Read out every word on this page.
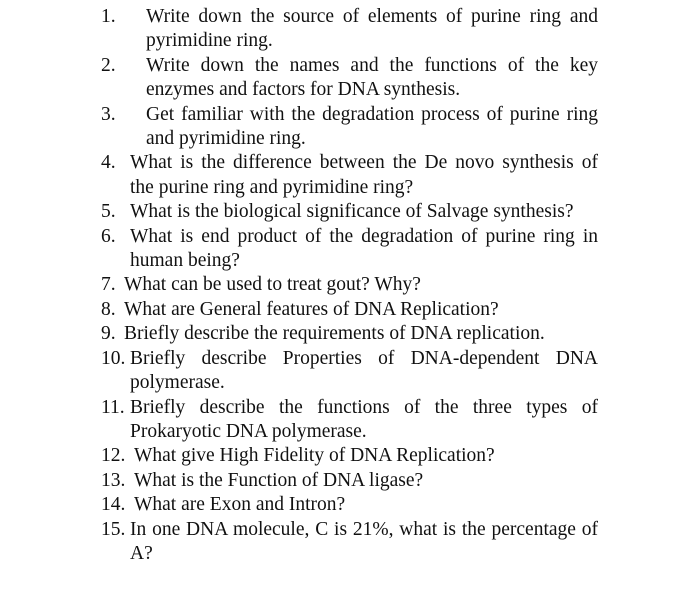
1.	Write down the source of elements of purine ring and pyrimidine ring.
2.	Write down the names and the functions of the key enzymes and factors for DNA synthesis.
3.	Get familiar with the degradation process of purine ring and pyrimidine ring.
4. What is the difference between the De novo synthesis of the purine ring and pyrimidine ring?
5. What is the biological significance of Salvage synthesis?
6. What is end product of the degradation of purine ring in human being?
7. What can be used to treat gout? Why?
8. What are General features of DNA Replication?
9. Briefly describe the requirements of DNA replication.
10. Briefly describe Properties of DNA-dependent DNA polymerase.
11. Briefly describe the functions of the three types of Prokaryotic DNA polymerase.
12. What give High Fidelity of DNA Replication?
13. What is the Function of DNA ligase?
14. What are Exon and Intron?
15. In one DNA molecule, C is 21%, what is the percentage of A?
